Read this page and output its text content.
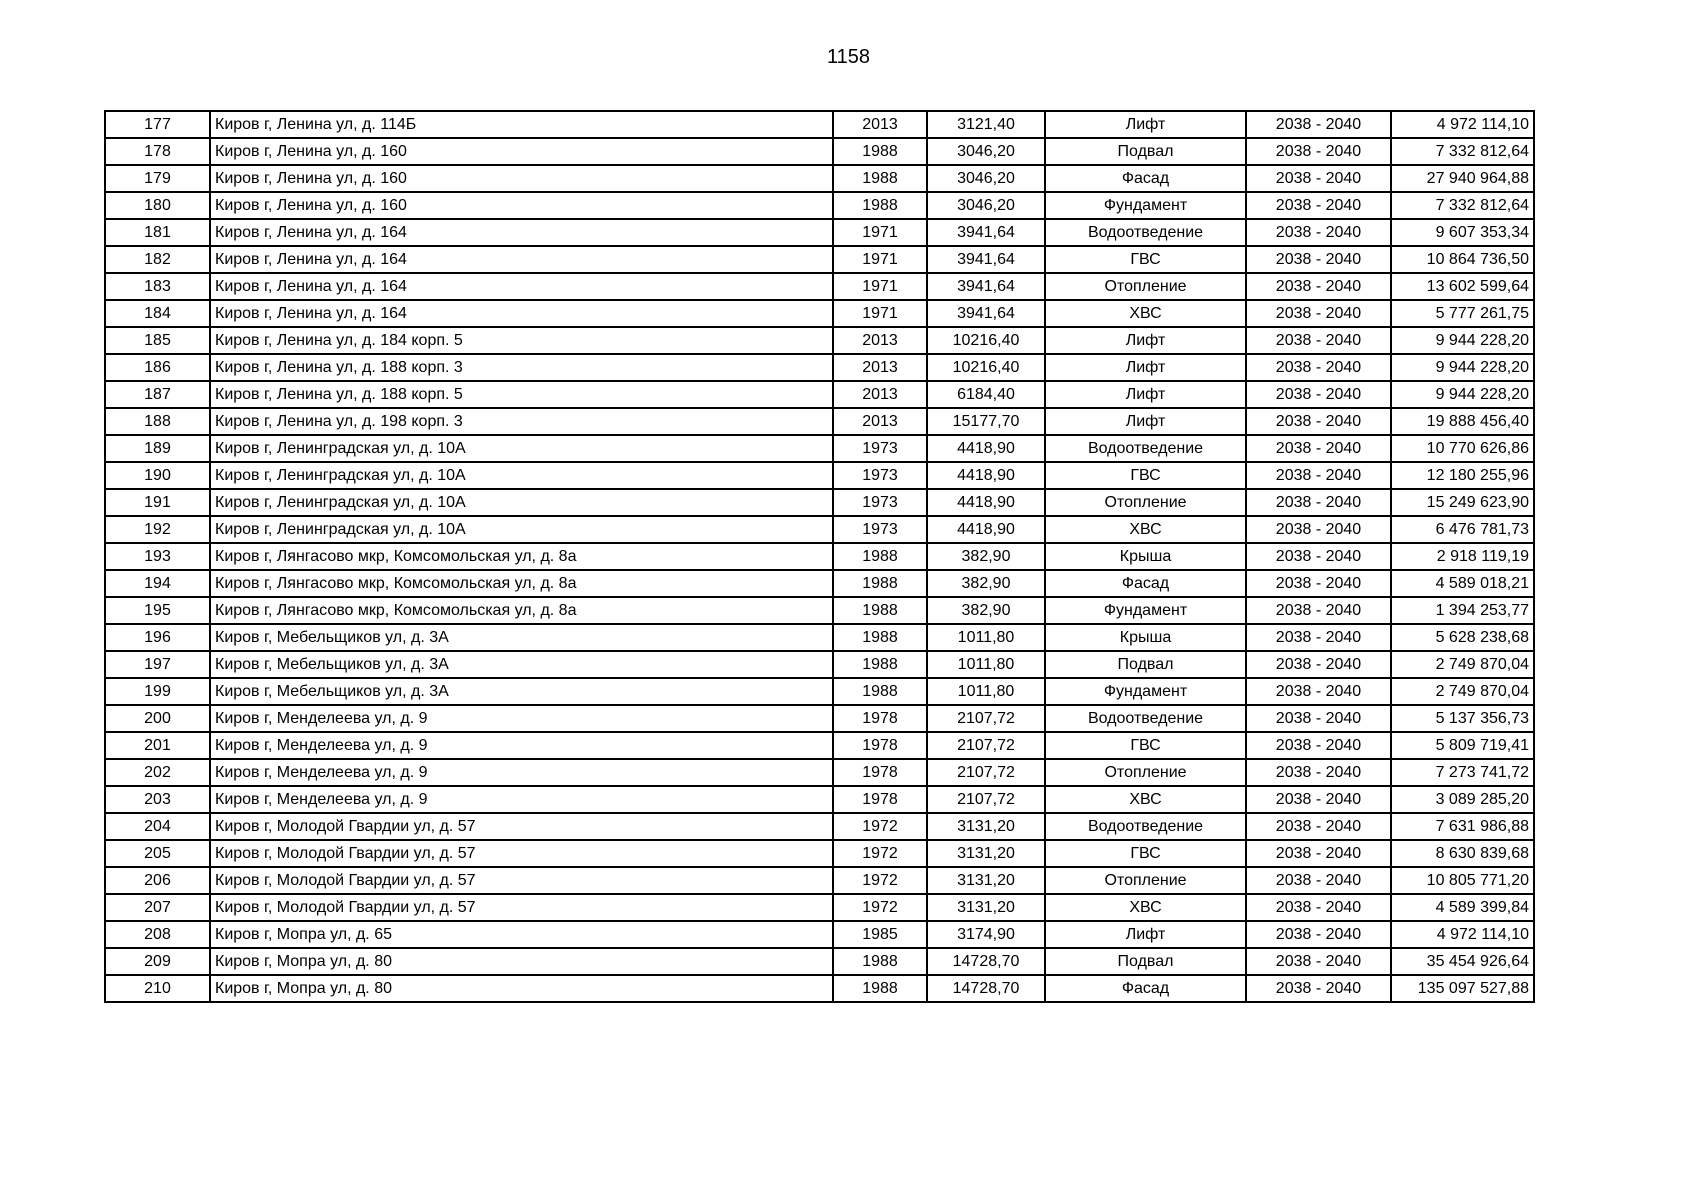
1158
177	Киров г, Ленина ул, д. 114Б	2013	3121,40	Лифт	2038 - 2040	4 972 114,10
178	Киров г, Ленина ул, д. 160	1988	3046,20	Подвал	2038 - 2040	7 332 812,64
179	Киров г, Ленина ул, д. 160	1988	3046,20	Фасад	2038 - 2040	27 940 964,88
180	Киров г, Ленина ул, д. 160	1988	3046,20	Фундамент	2038 - 2040	7 332 812,64
181	Киров г, Ленина ул, д. 164	1971	3941,64	Водоотведение	2038 - 2040	9 607 353,34
182	Киров г, Ленина ул, д. 164	1971	3941,64	ГВС	2038 - 2040	10 864 736,50
183	Киров г, Ленина ул, д. 164	1971	3941,64	Отопление	2038 - 2040	13 602 599,64
184	Киров г, Ленина ул, д. 164	1971	3941,64	ХВС	2038 - 2040	5 777 261,75
185	Киров г, Ленина ул, д. 184 корп. 5	2013	10216,40	Лифт	2038 - 2040	9 944 228,20
186	Киров г, Ленина ул, д. 188 корп. 3	2013	10216,40	Лифт	2038 - 2040	9 944 228,20
187	Киров г, Ленина ул, д. 188 корп. 5	2013	6184,40	Лифт	2038 - 2040	9 944 228,20
188	Киров г, Ленина ул, д. 198 корп. 3	2013	15177,70	Лифт	2038 - 2040	19 888 456,40
189	Киров г, Ленинградская ул, д. 10А	1973	4418,90	Водоотведение	2038 - 2040	10 770 626,86
190	Киров г, Ленинградская ул, д. 10А	1973	4418,90	ГВС	2038 - 2040	12 180 255,96
191	Киров г, Ленинградская ул, д. 10А	1973	4418,90	Отопление	2038 - 2040	15 249 623,90
192	Киров г, Ленинградская ул, д. 10А	1973	4418,90	ХВС	2038 - 2040	6 476 781,73
193	Киров г, Лянгасово мкр, Комсомольская ул, д. 8а	1988	382,90	Крыша	2038 - 2040	2 918 119,19
194	Киров г, Лянгасово мкр, Комсомольская ул, д. 8а	1988	382,90	Фасад	2038 - 2040	4 589 018,21
195	Киров г, Лянгасово мкр, Комсомольская ул, д. 8а	1988	382,90	Фундамент	2038 - 2040	1 394 253,77
196	Киров г, Мебельщиков ул, д. 3А	1988	1011,80	Крыша	2038 - 2040	5 628 238,68
197	Киров г, Мебельщиков ул, д. 3А	1988	1011,80	Подвал	2038 - 2040	2 749 870,04
199	Киров г, Мебельщиков ул, д. 3А	1988	1011,80	Фундамент	2038 - 2040	2 749 870,04
200	Киров г, Менделеева ул, д. 9	1978	2107,72	Водоотведение	2038 - 2040	5 137 356,73
201	Киров г, Менделеева ул, д. 9	1978	2107,72	ГВС	2038 - 2040	5 809 719,41
202	Киров г, Менделеева ул, д. 9	1978	2107,72	Отопление	2038 - 2040	7 273 741,72
203	Киров г, Менделеева ул, д. 9	1978	2107,72	ХВС	2038 - 2040	3 089 285,20
204	Киров г, Молодой Гвардии ул, д. 57	1972	3131,20	Водоотведение	2038 - 2040	7 631 986,88
205	Киров г, Молодой Гвардии ул, д. 57	1972	3131,20	ГВС	2038 - 2040	8 630 839,68
206	Киров г, Молодой Гвардии ул, д. 57	1972	3131,20	Отопление	2038 - 2040	10 805 771,20
207	Киров г, Молодой Гвардии ул, д. 57	1972	3131,20	ХВС	2038 - 2040	4 589 399,84
208	Киров г, Мопра ул, д. 65	1985	3174,90	Лифт	2038 - 2040	4 972 114,10
209	Киров г, Мопра ул, д. 80	1988	14728,70	Подвал	2038 - 2040	35 454 926,64
210	Киров г, Мопра ул, д. 80	1988	14728,70	Фасад	2038 - 2040	135 097 527,88
